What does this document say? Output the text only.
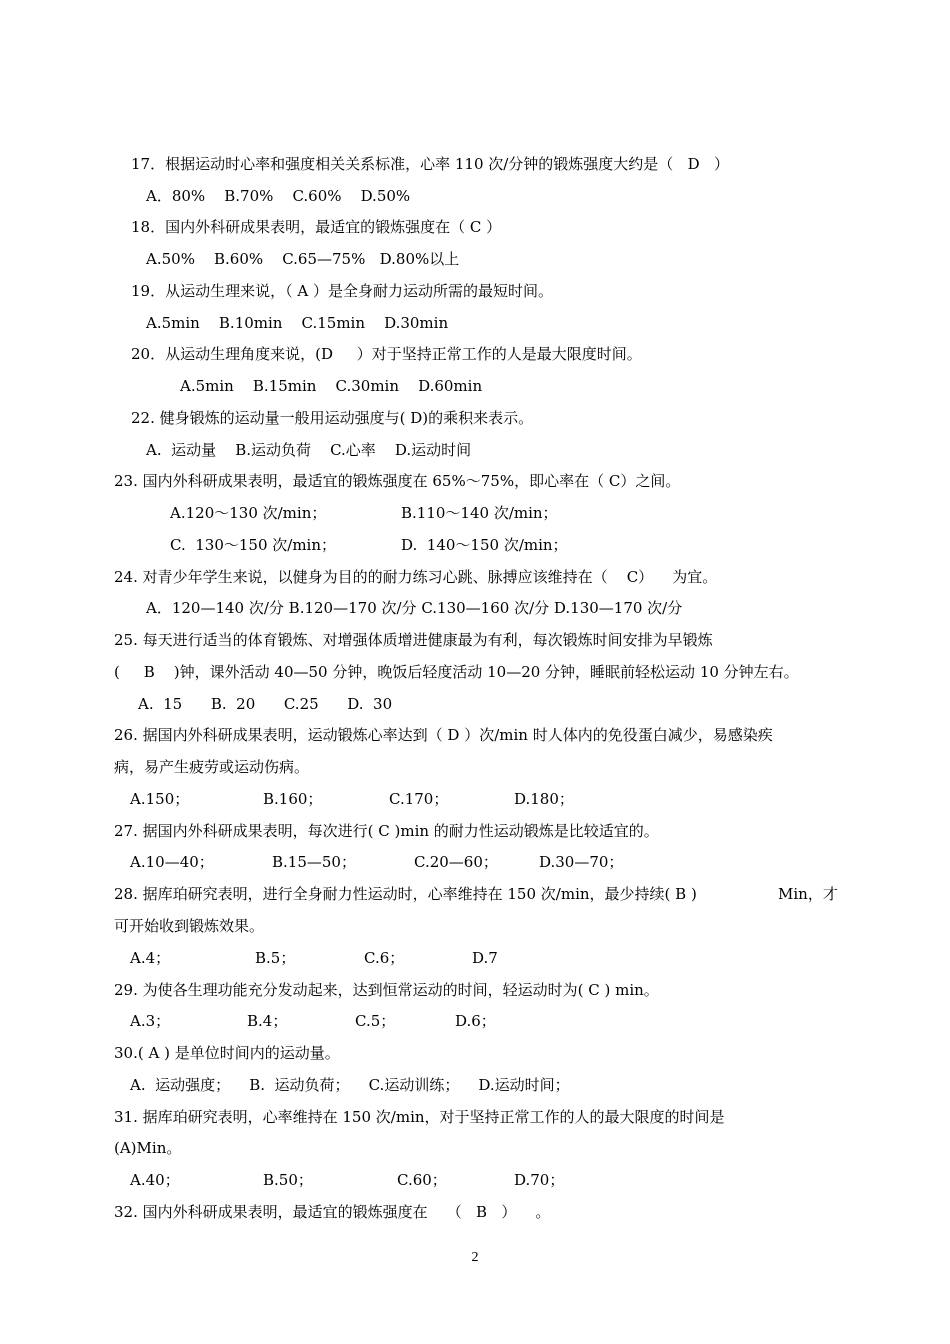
17．根据运动时心率和强度相关关系标准，心率 110 次/分钟的锻炼强度大约是（   D   ）
A．80%    B.70%    C.60%    D.50%
18．国内外科研成果表明，最适宜的锻炼强度在（ C ）
A.50%    B.60%    C.65—75%   D.80%以上
19．从运动生理来说，（ A ）是全身耐力运动所需的最短时间。
A.5min    B.10min    C.15min    D.30min
20．从运动生理角度来说，(D     ）对于坚持正常工作的人是最大限度时间。
A.5min    B.15min    C.30min    D.60min
22. 健身锻炼的运动量一般用运动强度与( D)的乘积来表示。
A.  运动量    B.运动负荷    C.心率    D.运动时间
23. 国内外科研成果表明，最适宜的锻炼强度在 65%～75%，即心率在（ C）之间。
A.120～130 次/min；	B.110～140 次/min；
C.  130～150 次/min；	D.  140～150 次/min；
24. 对青少年学生来说，以健身为目的的耐力练习心跳、脉搏应该维持在（    C）    为宜。
A．120—140 次/分 B.120—170 次/分 C.130—160 次/分 D.130—170 次/分
25. 每天进行适当的体育锻炼、对增强体质增进健康最为有利，每次锻炼时间安排为早锻炼
(     B    )钟，课外活动 40—50 分钟，晚饭后轻度活动 10—20 分钟，睡眠前轻松运动 10 分钟左右。
A.  15      B.  20      C.25      D.  30
26. 据国内外科研成果表明，运动锻炼心率达到（ D ）次/min 时人体内的免役蛋白减少，易感染疾
病，易产生疲劳或运动伤病。
A.150；	B.160；	C.170；	D.180；
27. 据国内外科研成果表明，每次进行( C )min 的耐力性运动锻炼是比较适宜的。
A.10—40；	B.15—50；	C.20—60；	D.30—70；
28. 据库珀研究表明，进行全身耐力性运动时，心率维持在 150 次/min，最少持续( B )	Min，才
可开始收到锻炼效果。
A.4；	B.5；	C.6；	D.7
29. 为使各生理功能充分发动起来，达到恒常运动的时间，轻运动时为( C ) min。
A.3；	B.4；	C.5；	D.6；
30.( A ) 是单位时间内的运动量。
A.  运动强度；    B.  运动负荷；    C.运动训练；    D.运动时间；
31. 据库珀研究表明，心率维持在 150 次/min，对于坚持正常工作的人的最大限度的时间是
(A)Min。
A.40；	B.50；	C.60；	D.70；
32. 国内外科研成果表明，最适宜的锻炼强度在    （   B   ）    。
2
